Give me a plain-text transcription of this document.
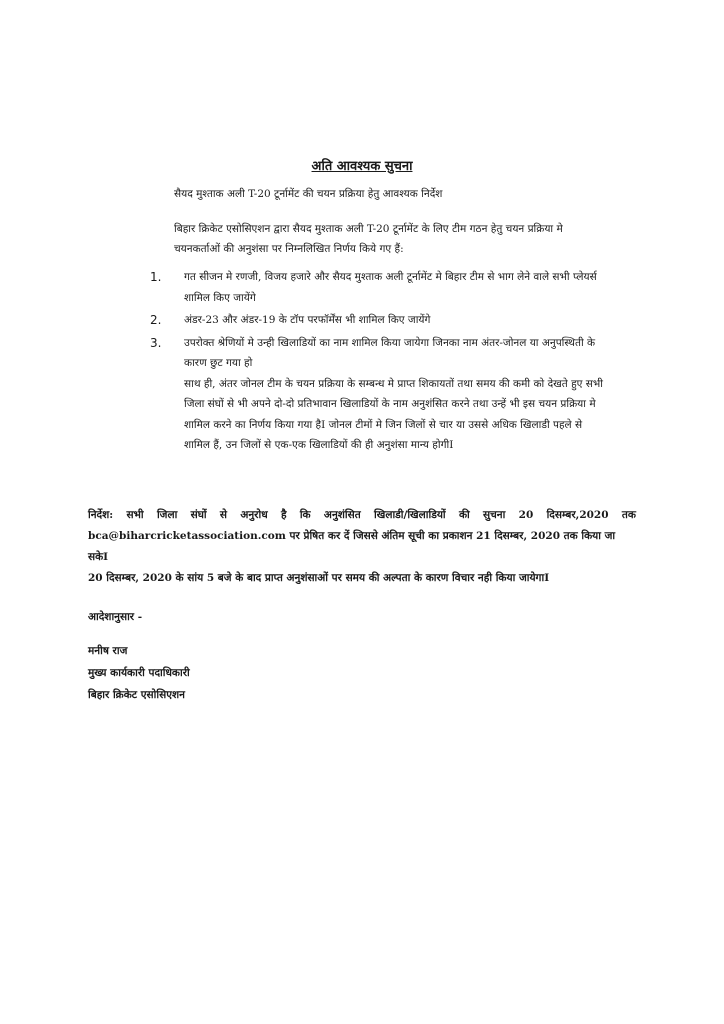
अति आवश्यक सुचना
सैयद मुश्ताक अली T-20 टूर्नामेंट की चयन प्रक्रिया हेतु आवश्यक निर्देश
बिहार क्रिकेट एसोसिएशन द्वारा सैयद मुश्ताक अली T-20 टूर्नामेंट के लिए टीम गठन हेतु चयन प्रक्रिया मे
चयनकर्ताओं की अनुशंसा पर निम्नलिखित निर्णय किये गए हैं:
1. गत सीजन मे रणजी, विजय हजारे और सैयद मुश्ताक अली टूर्नामेंट मे बिहार टीम से भाग लेने वाले सभी प्लेयर्स
शामिल किए जायेंगे
2. अंडर-23 और अंडर-19 के टॉप परफॉर्मेंस भी शामिल किए जायेंगे
3. उपरोक्त श्रेणियों मे उन्ही खिलाडियों का नाम शामिल किया जायेगा जिनका नाम अंतर-जोनल या अनुपस्थिती के
कारण छुट गया हो
साथ ही, अंतर जोनल टीम के चयन प्रक्रिया के सम्बन्ध मे प्राप्त शिकायतों तथा समय की कमी को देखते हुए सभी
जिला संघों से भी अपने दो-दो प्रतिभावान खिलाडियों के नाम अनुशंसित करने तथा उन्हें भी इस चयन प्रक्रिया मे
शामिल करने का निर्णय किया गया हैI जोनल टीमों मे जिन जिलों से चार या उससे अधिक खिलाडी पहले से
शामिल हैं, उन जिलों से एक-एक खिलाडियों की ही अनुशंसा मान्य होगीI
निर्देश: सभी जिला संघों से अनुरोध है कि अनुशंसित खिलाडी/खिलाडियों की सुचना 20 दिसम्बर,2020 तक
bca@biharcricketassociation.com पर प्रेषित कर दें जिससे अंतिम सूची का प्रकाशन 21 दिसम्बर, 2020 तक किया जा सकेI
20 दिसम्बर, 2020 के सांय 5 बजे के बाद प्राप्त अनुशंसाओं पर समय की अल्पता के कारण विचार नही किया जायेगाI
आदेशानुसार -
मनीष राज
मुख्य कार्यकारी पदाधिकारी
बिहार क्रिकेट एसोसिएशन
